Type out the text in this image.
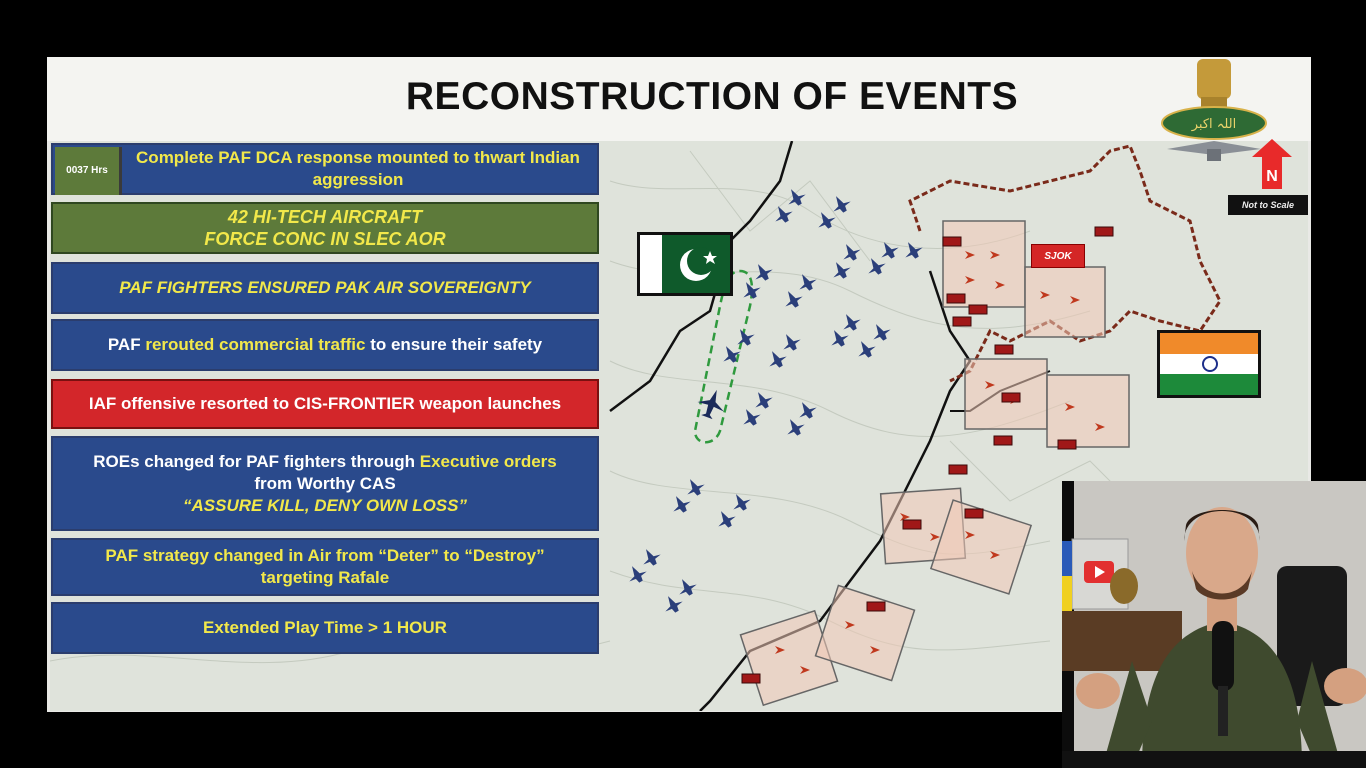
RECONSTRUCTION OF EVENTS
0037 Hrs
Complete PAF DCA response mounted to thwart Indian aggression
42 HI-TECH AIRCRAFT
FORCE CONC IN SLEC AOR
PAF FIGHTERS ENSURED PAK AIR SOVEREIGNTY
PAF rerouted commercial traffic to ensure their safety
IAF offensive resorted to CIS-FRONTIER weapon launches
ROEs changed for PAF fighters through Executive orders
from Worthy CAS
“ASSURE KILL, DENY OWN LOSS”
PAF strategy changed in Air from “Deter” to “Destroy” targeting Rafale
Extended Play Time > 1 HOUR
SJOK
اللہ اکبر
N
Not to Scale
